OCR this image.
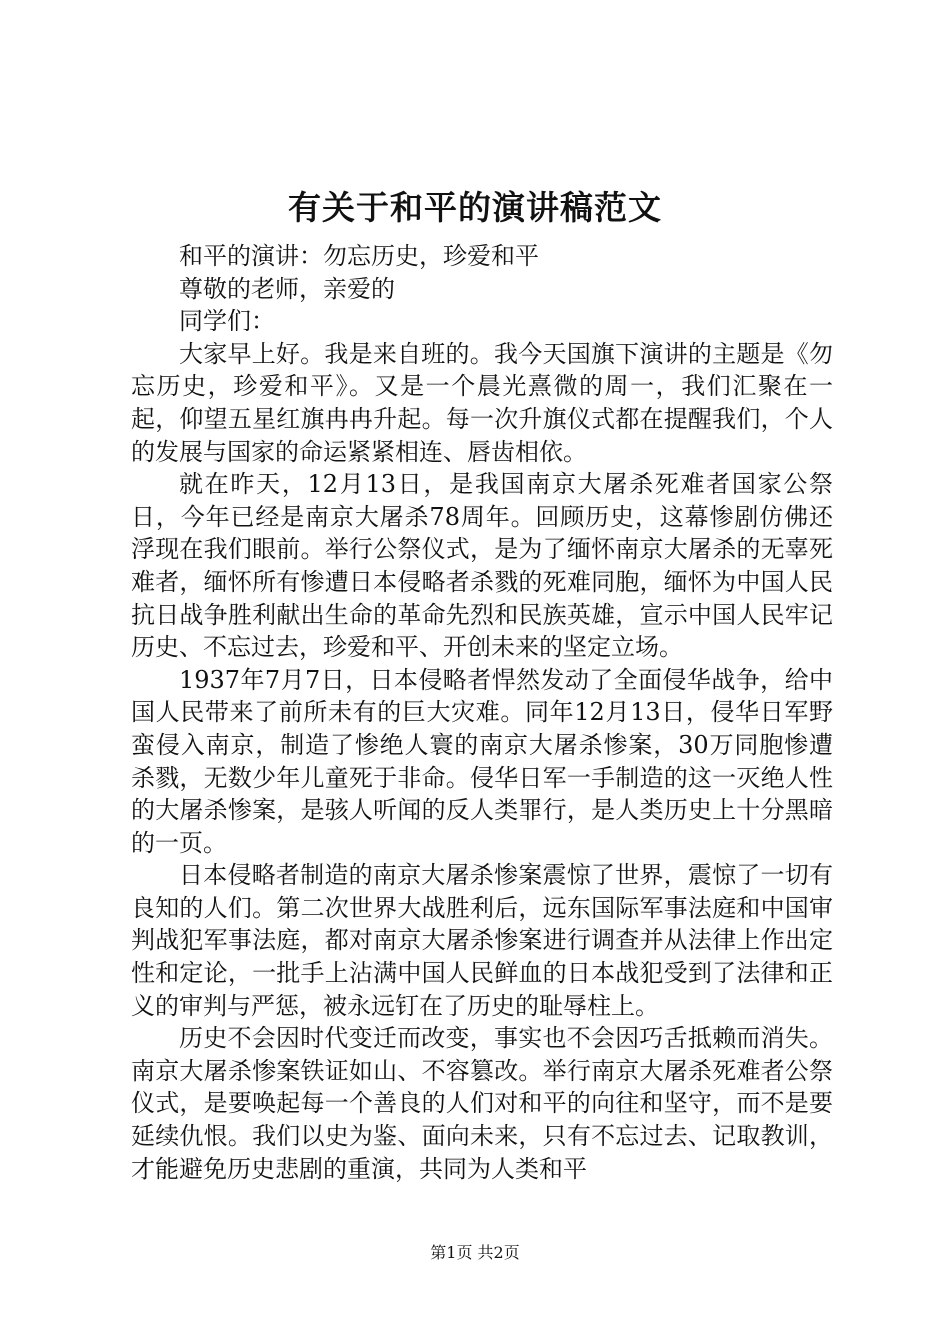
有关于和平的演讲稿范文

和平的演讲：勿忘历史，珍爱和平

尊敬的老师，亲爱的

同学们：

大家早上好。我是来自班的。我今天国旗下演讲的主题是《勿忘历史，珍爱和平》。又是一个晨光熹微的周一，我们汇聚在一起，仰望五星红旗冉冉升起。每一次升旗仪式都在提醒我们，个人的发展与国家的命运紧紧相连、唇齿相依。

就在昨天，12月13日，是我国南京大屠杀死难者国家公祭日，今年已经是南京大屠杀78周年。回顾历史，这幕惨剧仿佛还浮现在我们眼前。举行公祭仪式，是为了缅怀南京大屠杀的无辜死难者，缅怀所有惨遭日本侵略者杀戮的死难同胞，缅怀为中国人民抗日战争胜利献出生命的革命先烈和民族英雄，宣示中国人民牢记历史、不忘过去，珍爱和平、开创未来的坚定立场。

1937年7月7日，日本侵略者悍然发动了全面侵华战争，给中国人民带来了前所未有的巨大灾难。同年12月13日，侵华日军野蛮侵入南京，制造了惨绝人寰的南京大屠杀惨案，30万同胞惨遭杀戮，无数少年儿童死于非命。侵华日军一手制造的这一灭绝人性的大屠杀惨案，是骇人听闻的反人类罪行，是人类历史上十分黑暗的一页。

日本侵略者制造的南京大屠杀惨案震惊了世界，震惊了一切有良知的人们。第二次世界大战胜利后，远东国际军事法庭和中国审判战犯军事法庭，都对南京大屠杀惨案进行调查并从法律上作出定性和定论，一批手上沾满中国人民鲜血的日本战犯受到了法律和正义的审判与严惩，被永远钉在了历史的耻辱柱上。

历史不会因时代变迁而改变，事实也不会因巧舌抵赖而消失。南京大屠杀惨案铁证如山、不容篡改。举行南京大屠杀死难者公祭仪式，是要唤起每一个善良的人们对和平的向往和坚守，而不是要延续仇恨。我们以史为鉴、面向未来，只有不忘过去、记取教训，才能避免历史悲剧的重演，共同为人类和平

第1页 共2页
